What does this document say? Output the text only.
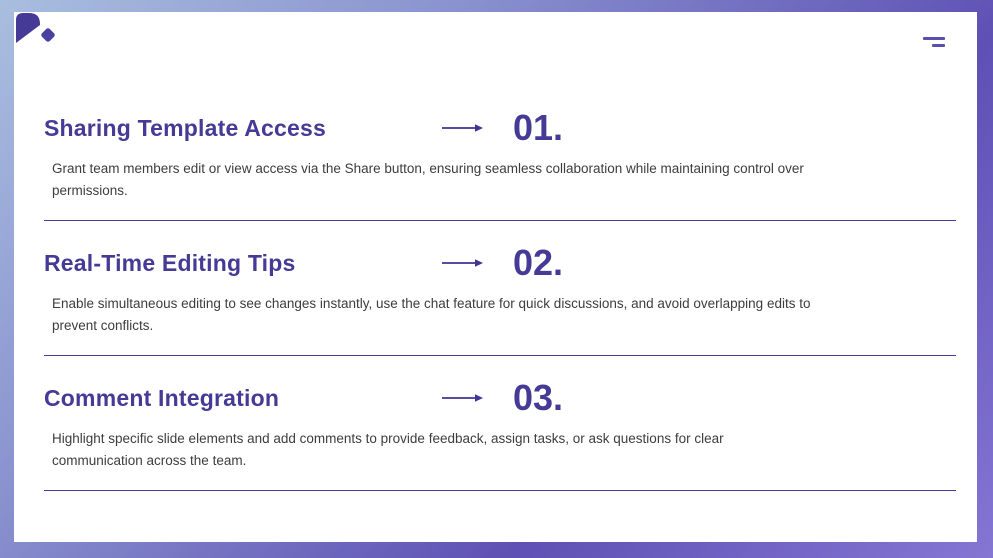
Sharing Template Access	01.

Grant team members edit or view access via the Share button, ensuring seamless collaboration while maintaining control over permissions.

Real-Time Editing Tips	02.

Enable simultaneous editing to see changes instantly, use the chat feature for quick discussions, and avoid overlapping edits to prevent conflicts.

Comment Integration	03.

Highlight specific slide elements and add comments to provide feedback, assign tasks, or ask questions for clear communication across the team.
